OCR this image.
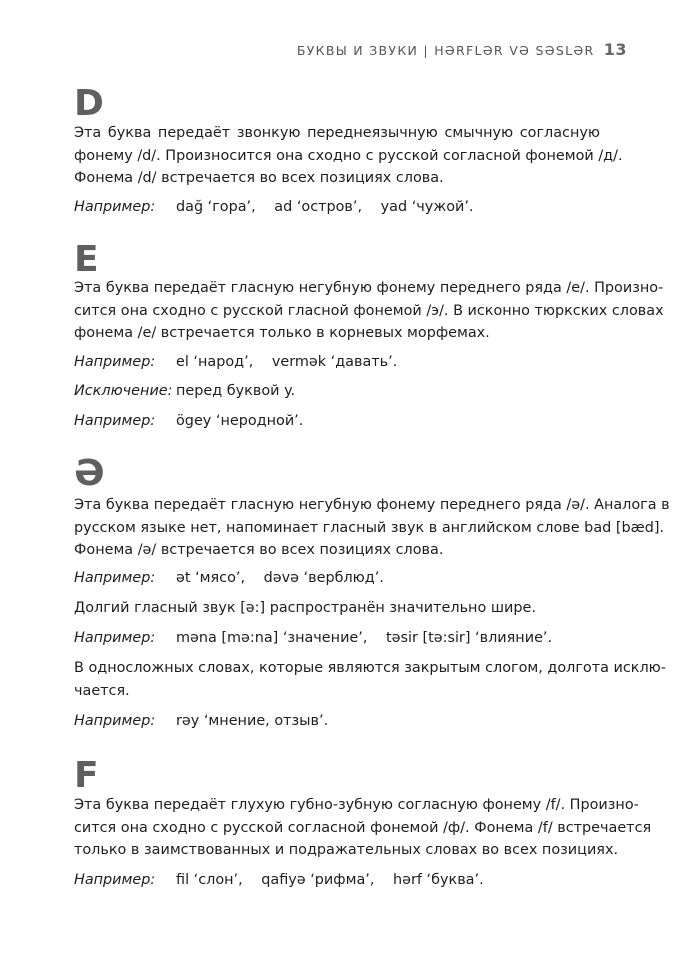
БУКВЫ И ЗВУКИ | HƏRFLƏR VƏ SƏSLƏR 13
D

Эта буква передаёт звонкую переднеязычную смычную согласную
фонему /d/. Произносится она сходно с русской согласной фонемой /д/.
Фонема /d/ встречается во всех позициях слова.

Например: dağ ‘гора’, ad ‘остров’, yad ‘чужой’.
E

Эта буква передаёт гласную негубную фонему переднего ряда /e/. Произно-
сится она сходно с русской гласной фонемой /э/. В исконно тюркских словах
фонема /e/ встречается только в корневых морфемах.

Например: el ‘народ’, vermək ‘давать’.
Исключение: перед буквой y.
Например: ögey ‘неродной’.
Ə

Эта буква передаёт гласную негубную фонему переднего ряда /ə/. Аналога в
русском языке нет, напоминает гласный звук в английском слове bad [bæd].
Фонема /ə/ встречается во всех позициях слова.

Например: ət ‘мясо’, dəvə ‘верблюд’.
Долгий гласный звук [ə:] распространён значительно шире.
Например: məna [mə:na] ‘значение’, təsir [tə:sir] ‘влияние’.

В односложных словах, которые являются закрытым слогом, долгота исклю-
чается.

Например: rəy ‘мнение, отзыв’.
F

Эта буква передаёт глухую губно-зубную согласную фонему /f/. Произно-
сится она сходно с русской согласной фонемой /ф/. Фонема /f/ встречается
только в заимствованных и подражательных словах во всех позициях.

Например: fil ‘слон’, qafiyə ‘рифма’, hərf ‘буква’.
